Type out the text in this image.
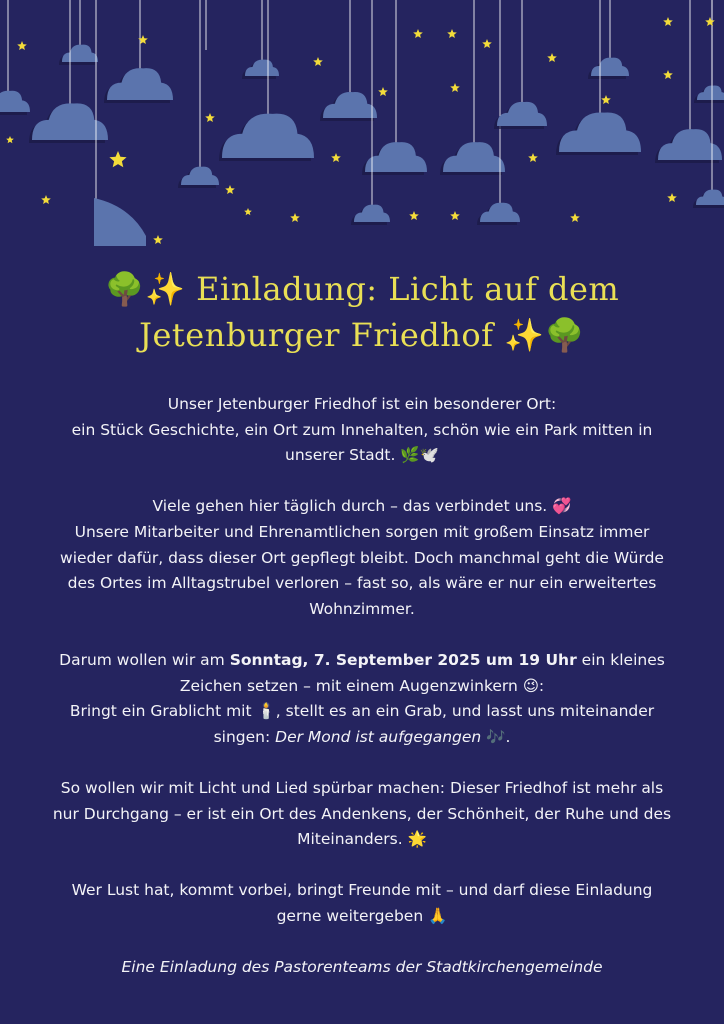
🌳✨ Einladung: Licht auf dem
Jetenburger Friedhof ✨🌳

Unser Jetenburger Friedhof ist ein besonderer Ort:
ein Stück Geschichte, ein Ort zum Innehalten, schön wie ein Park mitten in
unserer Stadt. 🌿🕊️

Viele gehen hier täglich durch – das verbindet uns. 💞
Unsere Mitarbeiter und Ehrenamtlichen sorgen mit großem Einsatz immer
wieder dafür, dass dieser Ort gepflegt bleibt. Doch manchmal geht die Würde
des Ortes im Alltagstrubel verloren – fast so, als wäre er nur ein erweitertes
Wohnzimmer.

Darum wollen wir am Sonntag, 7. September 2025 um 19 Uhr ein kleines
Zeichen setzen – mit einem Augenzwinkern 😉:
Bringt ein Grablicht mit 🕯️, stellt es an ein Grab, und lasst uns miteinander
singen: Der Mond ist aufgegangen 🎶.

So wollen wir mit Licht und Lied spürbar machen: Dieser Friedhof ist mehr als
nur Durchgang – er ist ein Ort des Andenkens, der Schönheit, der Ruhe und des
Miteinanders. 🌟

Wer Lust hat, kommt vorbei, bringt Freunde mit – und darf diese Einladung
gerne weitergeben 🙏

Eine Einladung des Pastorenteams der Stadtkirchengemeinde
